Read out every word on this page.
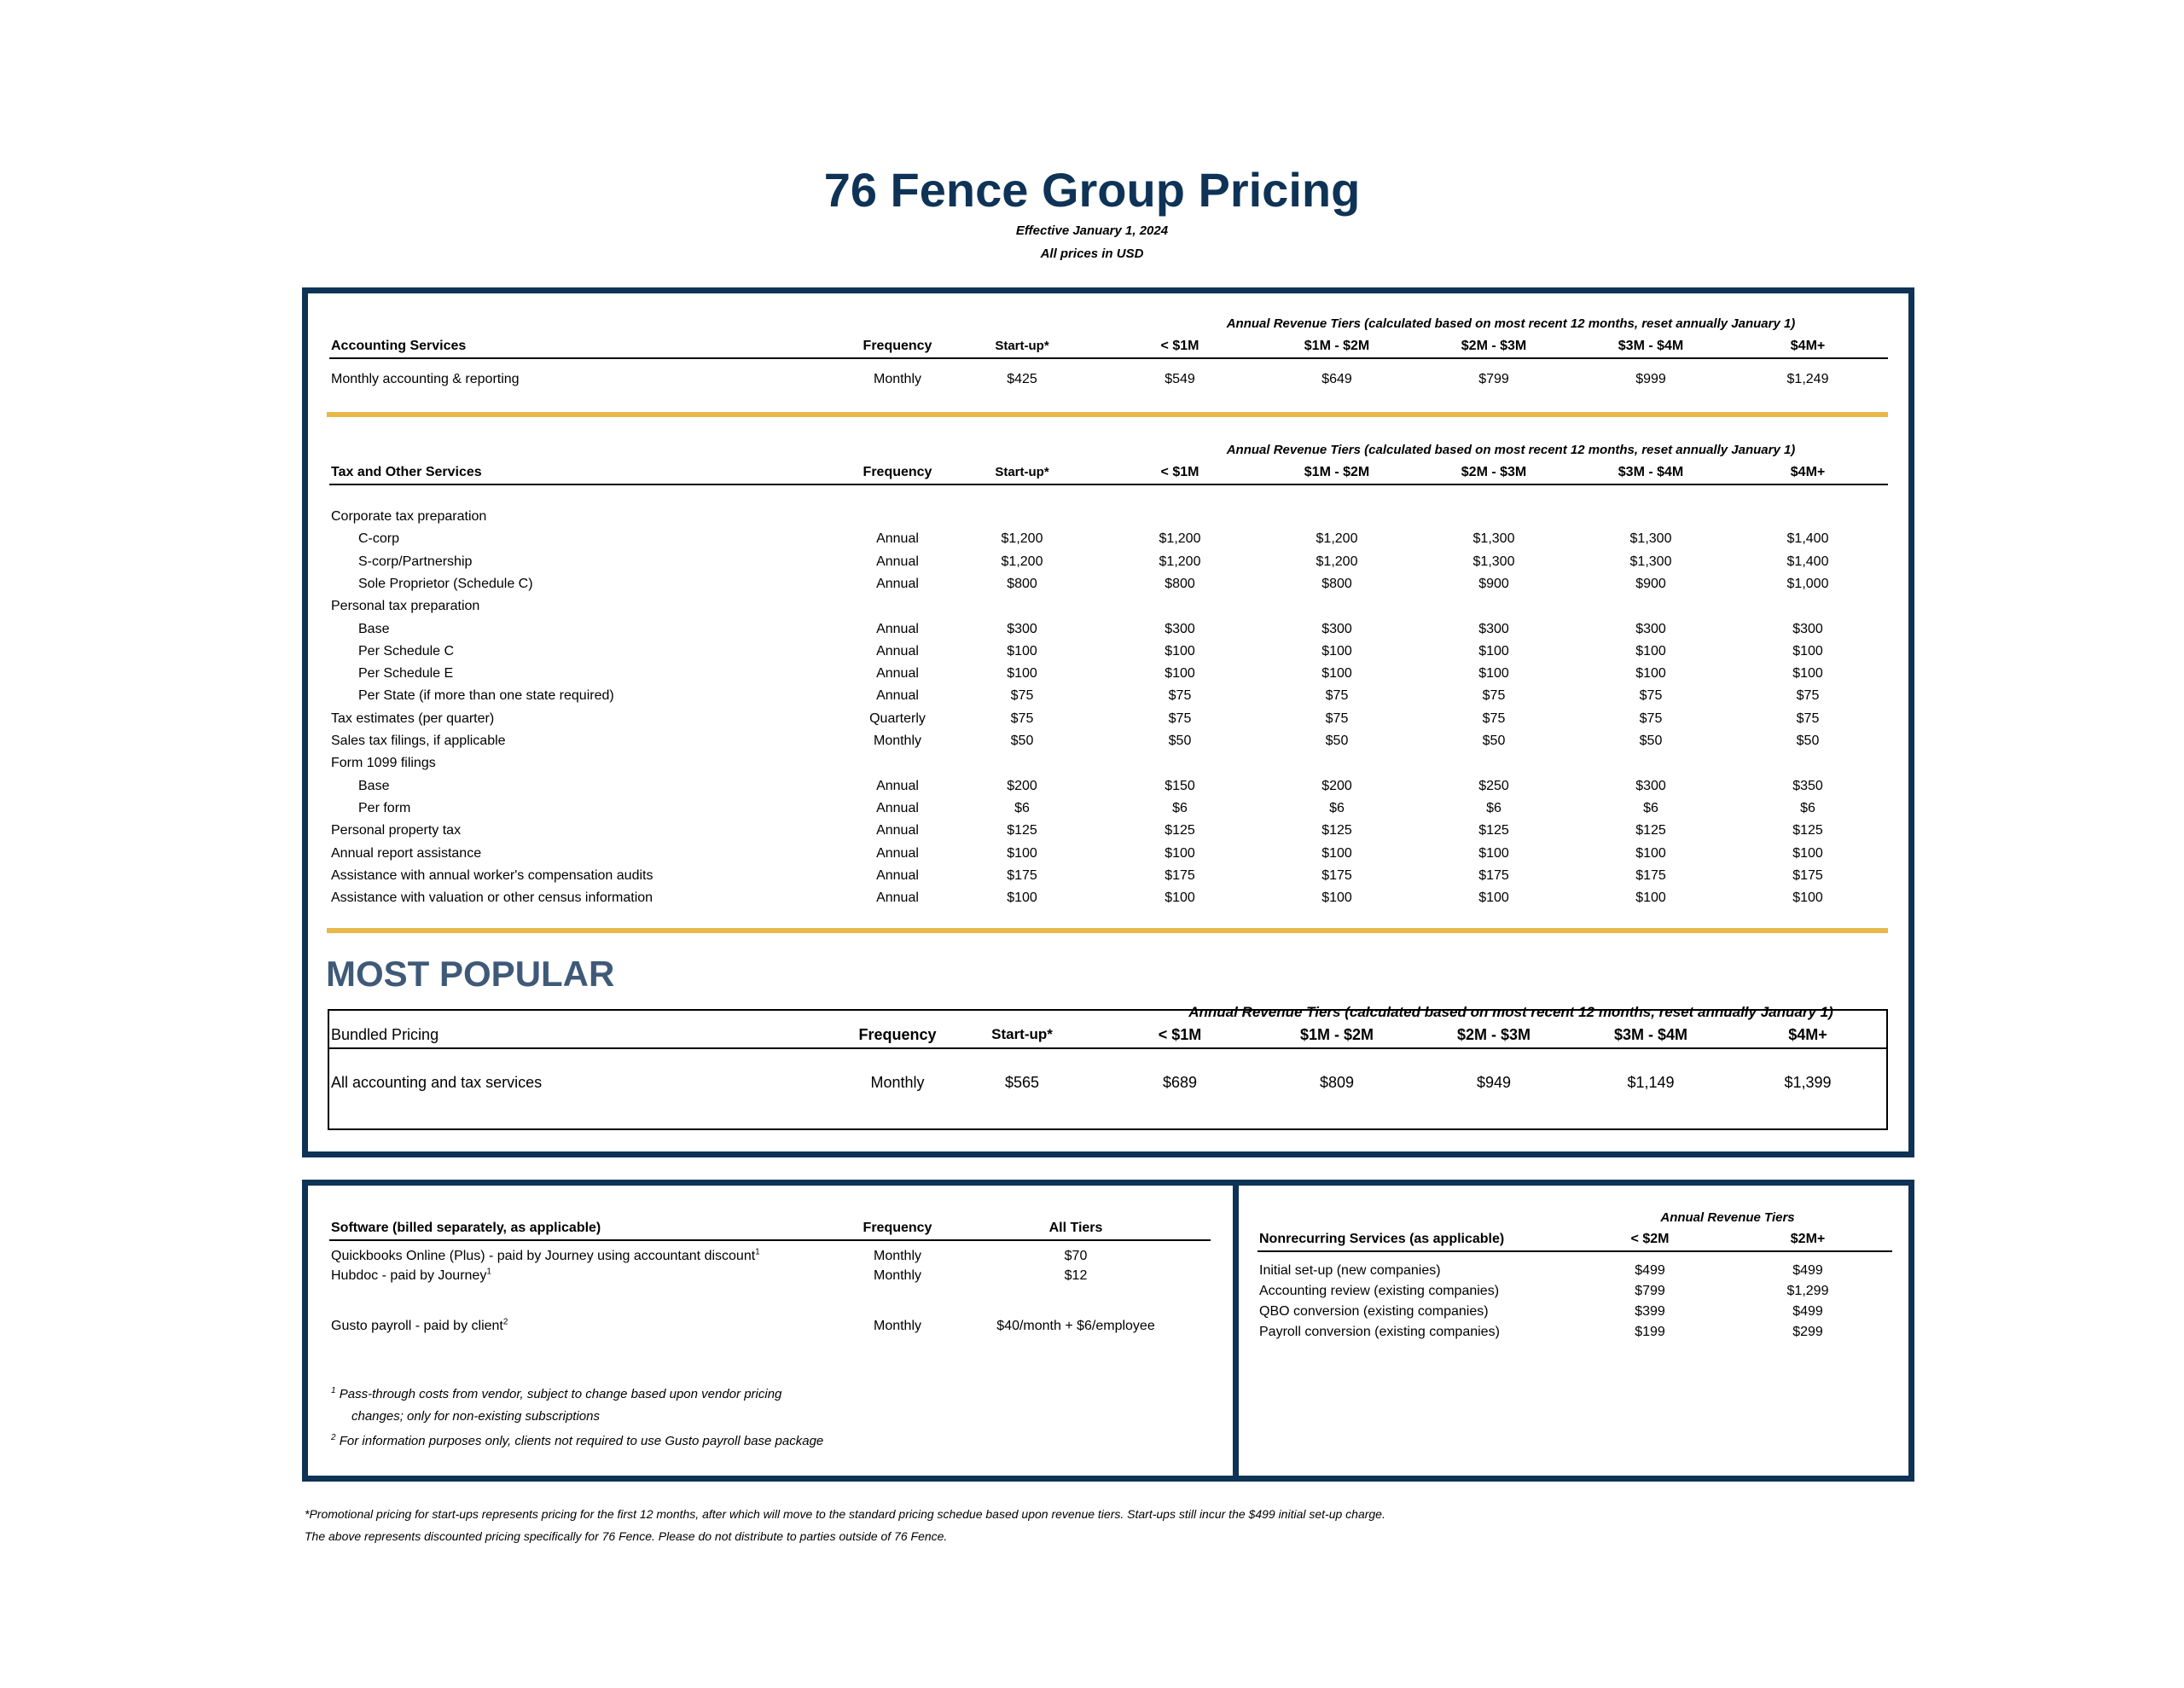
76 Fence Group Pricing
Effective January 1, 2024
All prices in USD
Annual Revenue Tiers (calculated based on most recent 12 months, reset annually January 1)
Accounting Services	Frequency	Start-up*	< $1M	$1M - $2M	$2M - $3M	$3M - $4M	$4M+
Monthly accounting & reporting	Monthly	$425	$549	$649	$799	$999	$1,249
Annual Revenue Tiers (calculated based on most recent 12 months, reset annually January 1)
Tax and Other Services	Frequency	Start-up*	< $1M	$1M - $2M	$2M - $3M	$3M - $4M	$4M+
Corporate tax preparation
C-corp	Annual	$1,200	$1,200	$1,200	$1,300	$1,300	$1,400
S-corp/Partnership	Annual	$1,200	$1,200	$1,200	$1,300	$1,300	$1,400
Sole Proprietor (Schedule C)	Annual	$800	$800	$800	$900	$900	$1,000
Personal tax preparation
Base	Annual	$300	$300	$300	$300	$300	$300
Per Schedule C	Annual	$100	$100	$100	$100	$100	$100
Per Schedule E	Annual	$100	$100	$100	$100	$100	$100
Per State (if more than one state required)	Annual	$75	$75	$75	$75	$75	$75
Tax estimates (per quarter)	Quarterly	$75	$75	$75	$75	$75	$75
Sales tax filings, if applicable	Monthly	$50	$50	$50	$50	$50	$50
Form 1099 filings
Base	Annual	$200	$150	$200	$250	$300	$350
Per form	Annual	$6	$6	$6	$6	$6	$6
Personal property tax	Annual	$125	$125	$125	$125	$125	$125
Annual report assistance	Annual	$100	$100	$100	$100	$100	$100
Assistance with annual worker's compensation audits	Annual	$175	$175	$175	$175	$175	$175
Assistance with valuation or other census information	Annual	$100	$100	$100	$100	$100	$100
MOST POPULAR
Annual Revenue Tiers (calculated based on most recent 12 months, reset annually January 1)
Bundled Pricing	Frequency	Start-up*	< $1M	$1M - $2M	$2M - $3M	$3M - $4M	$4M+
All accounting and tax services	Monthly	$565	$689	$809	$949	$1,149	$1,399
Software (billed separately, as applicable)	Frequency	All Tiers
Quickbooks Online (Plus) - paid by Journey using accountant discount$^1$	Monthly	$70
Hubdoc - paid by Journey$^1$	Monthly	$12
Gusto payroll - paid by client$^2$	Monthly	$40/month + $6/employee
$^1$ Pass-through costs from vendor, subject to change based upon vendor pricing
changes; only for non-existing subscriptions
$^2$ For information purposes only, clients not required to use Gusto payroll base package
Annual Revenue Tiers
Nonrecurring Services (as applicable)	< $2M	$2M+
Initial set-up (new companies)	$499	$499
Accounting review (existing companies)	$799	$1,299
QBO conversion (existing companies)	$399	$499
Payroll conversion (existing companies)	$199	$299
*Promotional pricing for start-ups represents pricing for the first 12 months, after which will move to the standard pricing schedue based upon revenue tiers. Start-ups still incur the $499 initial set-up charge.
The above represents discounted pricing specifically for 76 Fence. Please do not distribute to parties outside of 76 Fence.
